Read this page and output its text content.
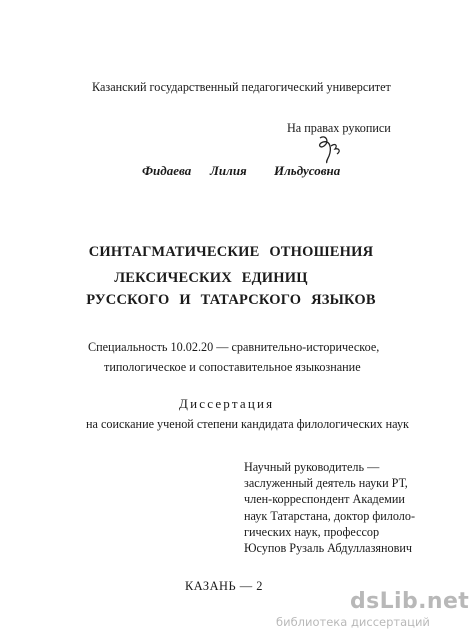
Казанский государственный педагогический университет
На правах рукописи
Фидаева Лилия Ильдусовна
СИНТАГМАТИЧЕСКИЕ ОТНОШЕНИЯ
ЛЕКСИЧЕСКИХ ЕДИНИЦ
РУССКОГО И ТАТАРСКОГО ЯЗЫКОВ
Специальность 10.02.20 — сравнительно-историческое,
типологическое и сопоставительное языкознание
Диссертация
на соискание ученой степени кандидата филологических наук
Научный руководитель —
заслуженный деятель науки РТ,
член-корреспондент Академии
наук Татарстана, доктор филоло-
гических наук, профессор
Юсупов Рузаль Абдуллазянович
КАЗАНЬ — 2
dsLib.net
библиотека диссертаций
